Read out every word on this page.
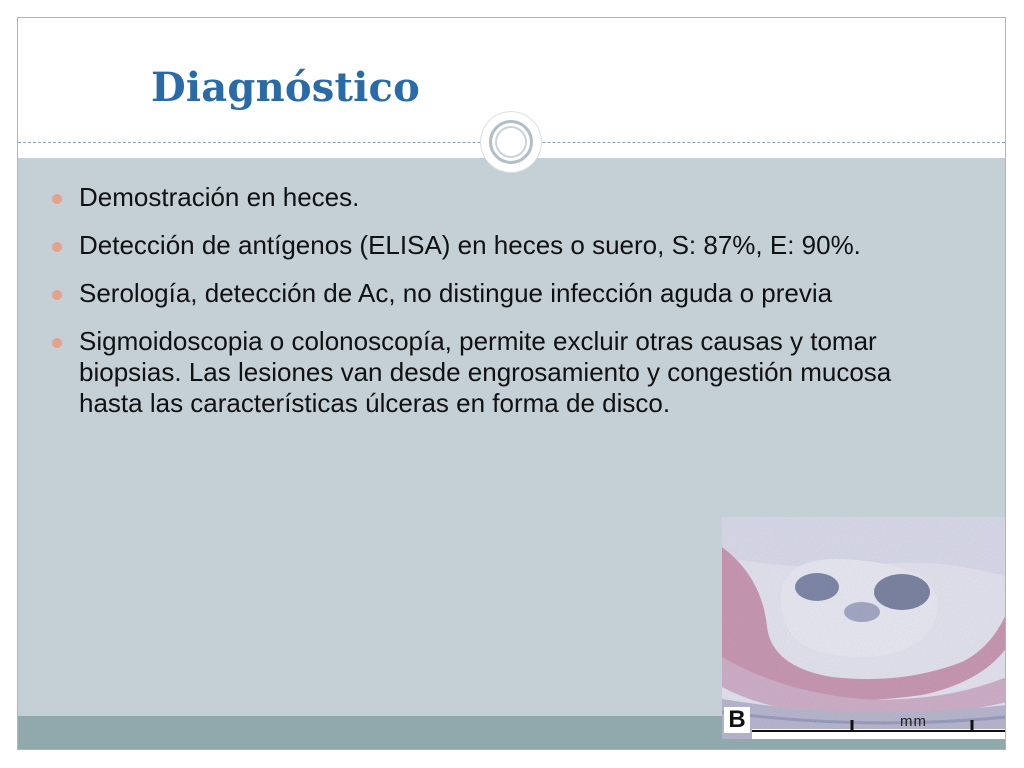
Diagnóstico
Demostración en heces.
Detección de antígenos (ELISA) en heces o suero, S: 87%, E: 90%.
Serología, detección de Ac, no distingue infección aguda o previa
Sigmoidoscopia o colonoscopía, permite excluir otras causas y tomar biopsias. Las lesiones van desde engrosamiento y congestión mucosa hasta las características úlceras en forma de disco.
B	mm
